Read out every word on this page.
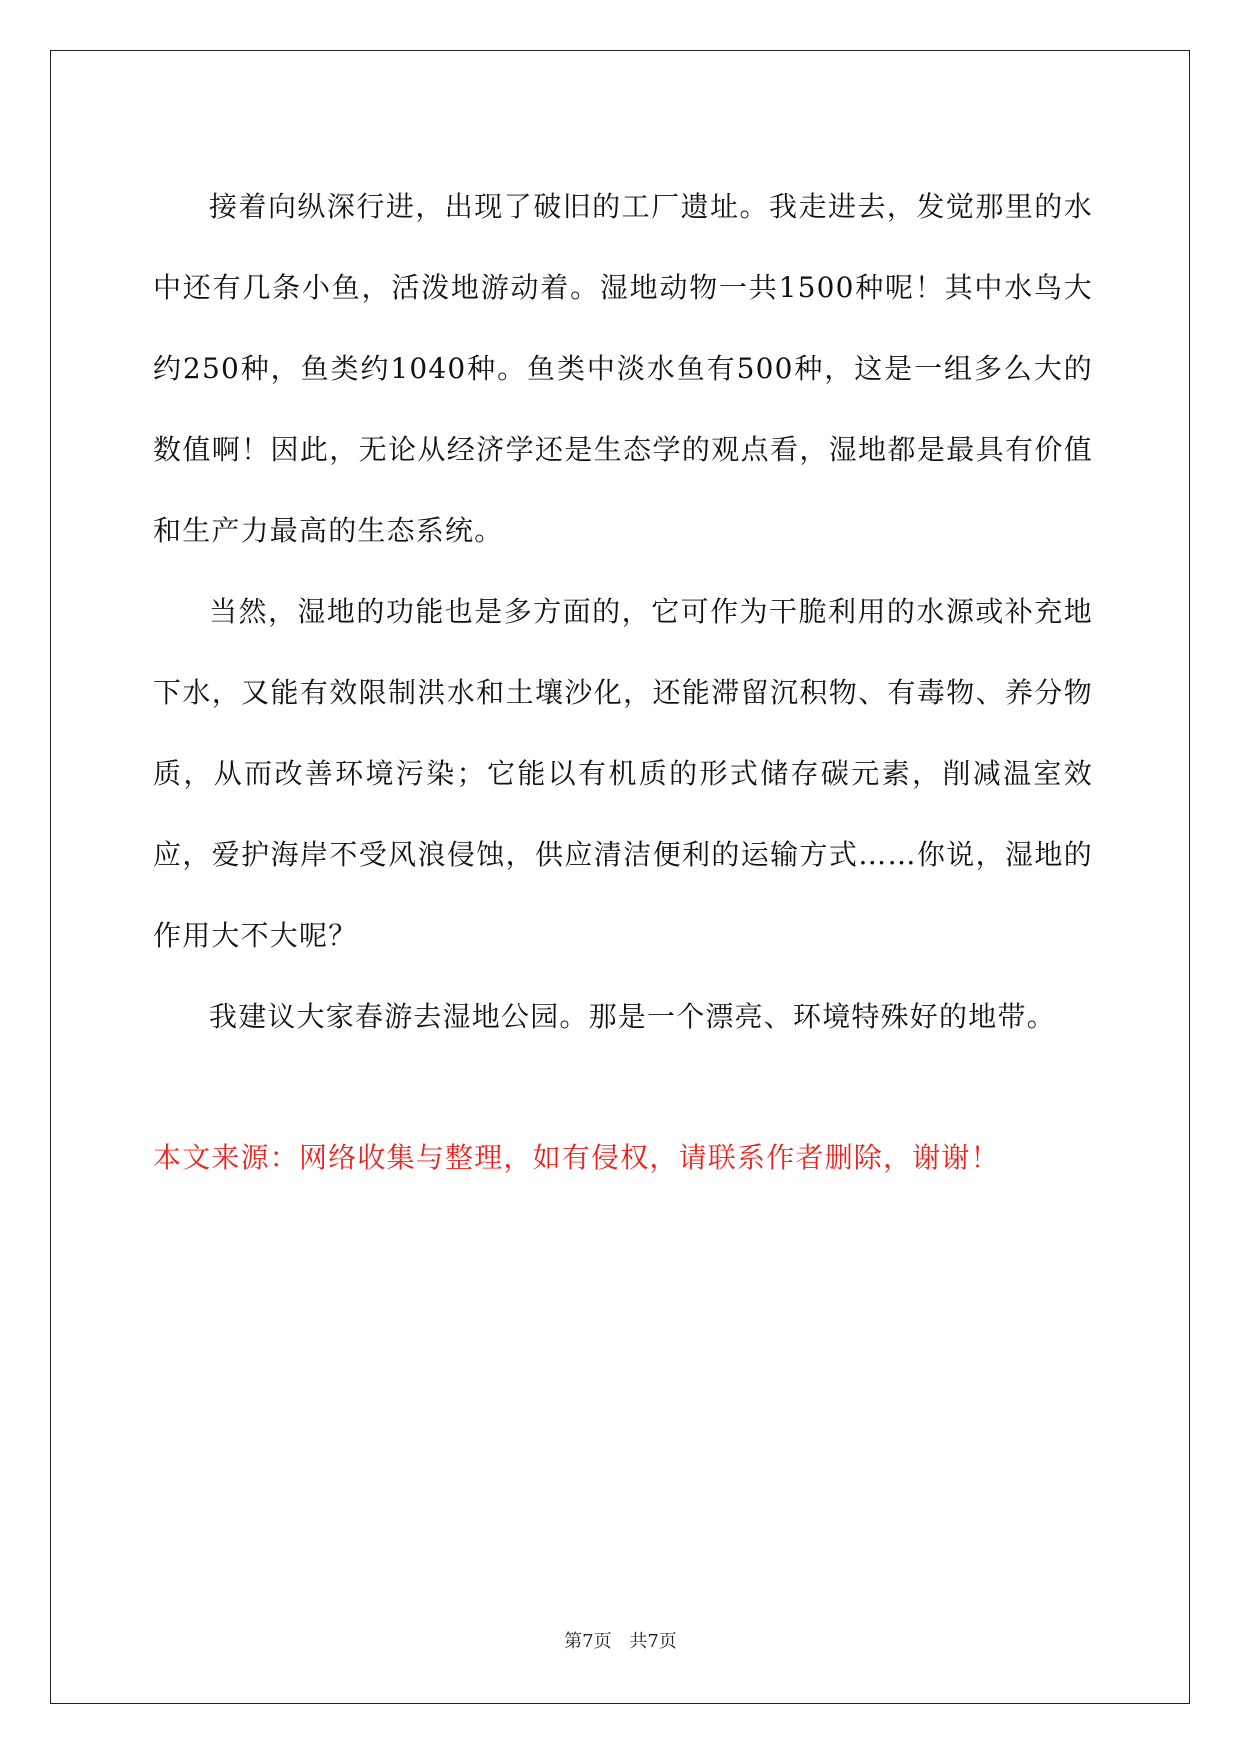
接着向纵深行进，出现了破旧的工厂遗址。我走进去，发觉那里的水中还有几条小鱼，活泼地游动着。湿地动物一共1500种呢！其中水鸟大约250种，鱼类约1040种。鱼类中淡水鱼有500种，这是一组多么大的数值啊！因此，无论从经济学还是生态学的观点看，湿地都是最具有价值和生产力最高的生态系统。

当然，湿地的功能也是多方面的，它可作为干脆利用的水源或补充地下水，又能有效限制洪水和土壤沙化，还能滞留沉积物、有毒物、养分物质，从而改善环境污染；它能以有机质的形式储存碳元素，削减温室效应，爱护海岸不受风浪侵蚀，供应清洁便利的运输方式……你说，湿地的作用大不大呢？

我建议大家春游去湿地公园。那是一个漂亮、环境特殊好的地带。

本文来源：网络收集与整理，如有侵权，请联系作者删除，谢谢！

第7页 共7页
